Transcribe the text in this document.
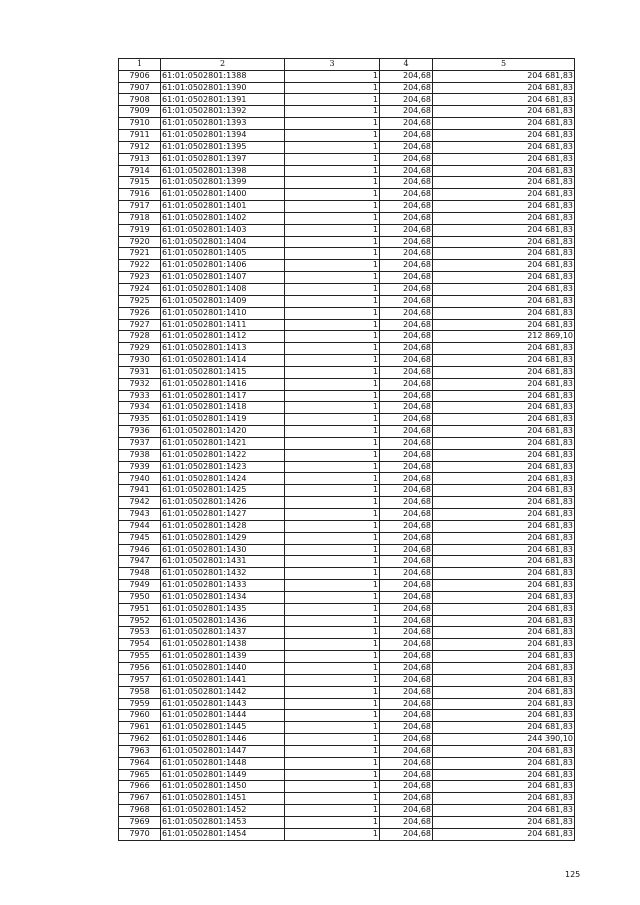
1	2	3	4	5
7906	61:01:0502801:1388	1	204,68	204 681,83
7907	61:01:0502801:1390	1	204,68	204 681,83
7908	61:01:0502801:1391	1	204,68	204 681,83
7909	61:01:0502801:1392	1	204,68	204 681,83
7910	61:01:0502801:1393	1	204,68	204 681,83
7911	61:01:0502801:1394	1	204,68	204 681,83
7912	61:01:0502801:1395	1	204,68	204 681,83
7913	61:01:0502801:1397	1	204,68	204 681,83
7914	61:01:0502801:1398	1	204,68	204 681,83
7915	61:01:0502801:1399	1	204,68	204 681,83
7916	61:01:0502801:1400	1	204,68	204 681,83
7917	61:01:0502801:1401	1	204,68	204 681,83
7918	61:01:0502801:1402	1	204,68	204 681,83
7919	61:01:0502801:1403	1	204,68	204 681,83
7920	61:01:0502801:1404	1	204,68	204 681,83
7921	61:01:0502801:1405	1	204,68	204 681,83
7922	61:01:0502801:1406	1	204,68	204 681,83
7923	61:01:0502801:1407	1	204,68	204 681,83
7924	61:01:0502801:1408	1	204,68	204 681,83
7925	61:01:0502801:1409	1	204,68	204 681,83
7926	61:01:0502801:1410	1	204,68	204 681,83
7927	61:01:0502801:1411	1	204,68	204 681,83
7928	61:01:0502801:1412	1	204,68	212 869,10
7929	61:01:0502801:1413	1	204,68	204 681,83
7930	61:01:0502801:1414	1	204,68	204 681,83
7931	61:01:0502801:1415	1	204,68	204 681,83
7932	61:01:0502801:1416	1	204,68	204 681,83
7933	61:01:0502801:1417	1	204,68	204 681,83
7934	61:01:0502801:1418	1	204,68	204 681,83
7935	61:01:0502801:1419	1	204,68	204 681,83
7936	61:01:0502801:1420	1	204,68	204 681,83
7937	61:01:0502801:1421	1	204,68	204 681,83
7938	61:01:0502801:1422	1	204,68	204 681,83
7939	61:01:0502801:1423	1	204,68	204 681,83
7940	61:01:0502801:1424	1	204,68	204 681,83
7941	61:01:0502801:1425	1	204,68	204 681,83
7942	61:01:0502801:1426	1	204,68	204 681,83
7943	61:01:0502801:1427	1	204,68	204 681,83
7944	61:01:0502801:1428	1	204,68	204 681,83
7945	61:01:0502801:1429	1	204,68	204 681,83
7946	61:01:0502801:1430	1	204,68	204 681,83
7947	61:01:0502801:1431	1	204,68	204 681,83
7948	61:01:0502801:1432	1	204,68	204 681,83
7949	61:01:0502801:1433	1	204,68	204 681,83
7950	61:01:0502801:1434	1	204,68	204 681,83
7951	61:01:0502801:1435	1	204,68	204 681,83
7952	61:01:0502801:1436	1	204,68	204 681,83
7953	61:01:0502801:1437	1	204,68	204 681,83
7954	61:01:0502801:1438	1	204,68	204 681,83
7955	61:01:0502801:1439	1	204,68	204 681,83
7956	61:01:0502801:1440	1	204,68	204 681,83
7957	61:01:0502801:1441	1	204,68	204 681,83
7958	61:01:0502801:1442	1	204,68	204 681,83
7959	61:01:0502801:1443	1	204,68	204 681,83
7960	61:01:0502801:1444	1	204,68	204 681,83
7961	61:01:0502801:1445	1	204,68	204 681,83
7962	61:01:0502801:1446	1	204,68	244 390,10
7963	61:01:0502801:1447	1	204,68	204 681,83
7964	61:01:0502801:1448	1	204,68	204 681,83
7965	61:01:0502801:1449	1	204,68	204 681,83
7966	61:01:0502801:1450	1	204,68	204 681,83
7967	61:01:0502801:1451	1	204,68	204 681,83
7968	61:01:0502801:1452	1	204,68	204 681,83
7969	61:01:0502801:1453	1	204,68	204 681,83
7970	61:01:0502801:1454	1	204,68	204 681,83
125
